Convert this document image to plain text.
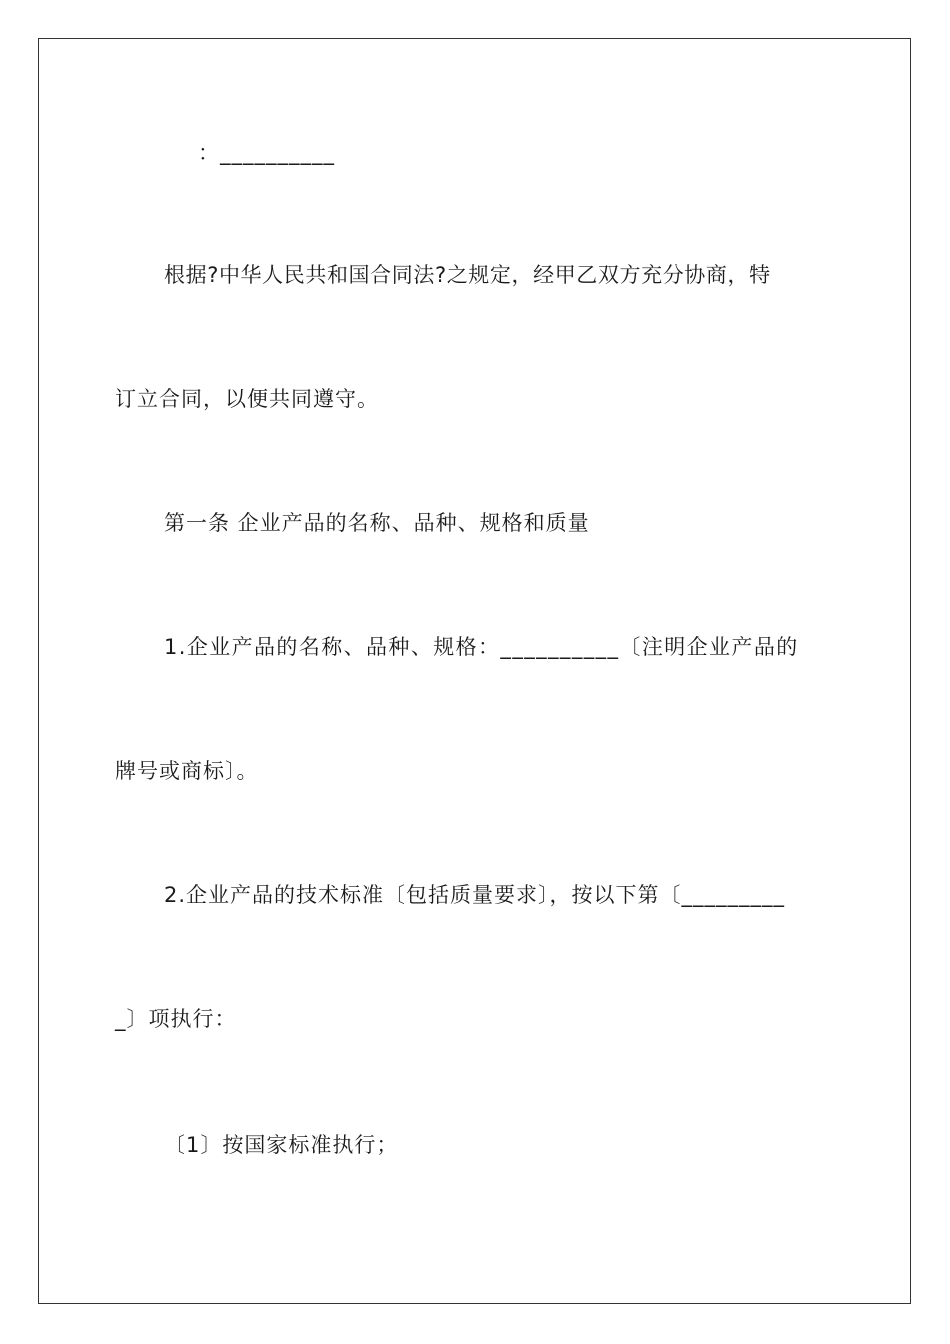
：__________
根据?中华人民共和国合同法?之规定，经甲乙双方充分协商，特
订立合同，以便共同遵守。
第一条 企业产品的名称、品种、规格和质量
1.企业产品的名称、品种、规格：__________〔注明企业产品的
牌号或商标〕。
2.企业产品的技术标准〔包括质量要求〕，按以下第〔_________
_〕项执行：
〔1〕按国家标准执行；
